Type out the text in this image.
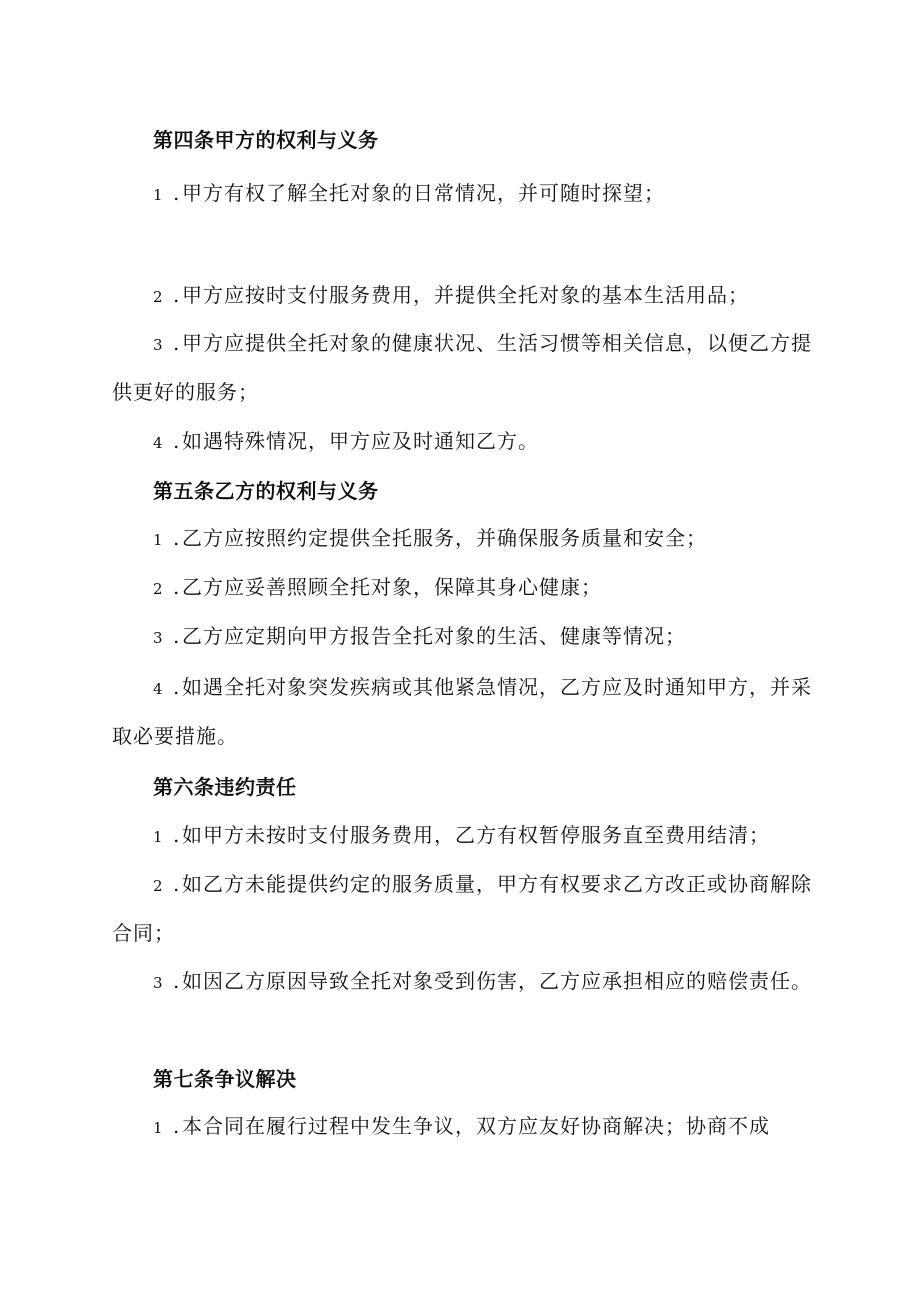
第四条甲方的权利与义务
1 .甲方有权了解全托对象的日常情况，并可随时探望；
2 .甲方应按时支付服务费用，并提供全托对象的基本生活用品；
3 .甲方应提供全托对象的健康状况、生活习惯等相关信息，以便乙方提供更好的服务；
4 .如遇特殊情况，甲方应及时通知乙方。
第五条乙方的权利与义务
1 .乙方应按照约定提供全托服务，并确保服务质量和安全；
2 .乙方应妥善照顾全托对象，保障其身心健康；
3 .乙方应定期向甲方报告全托对象的生活、健康等情况；
4 .如遇全托对象突发疾病或其他紧急情况，乙方应及时通知甲方，并采取必要措施。
第六条违约责任
1 .如甲方未按时支付服务费用，乙方有权暂停服务直至费用结清；
2 .如乙方未能提供约定的服务质量，甲方有权要求乙方改正或协商解除合同；
3 .如因乙方原因导致全托对象受到伤害，乙方应承担相应的赔偿责任。
第七条争议解决
1 .本合同在履行过程中发生争议，双方应友好协商解决；协商不成
